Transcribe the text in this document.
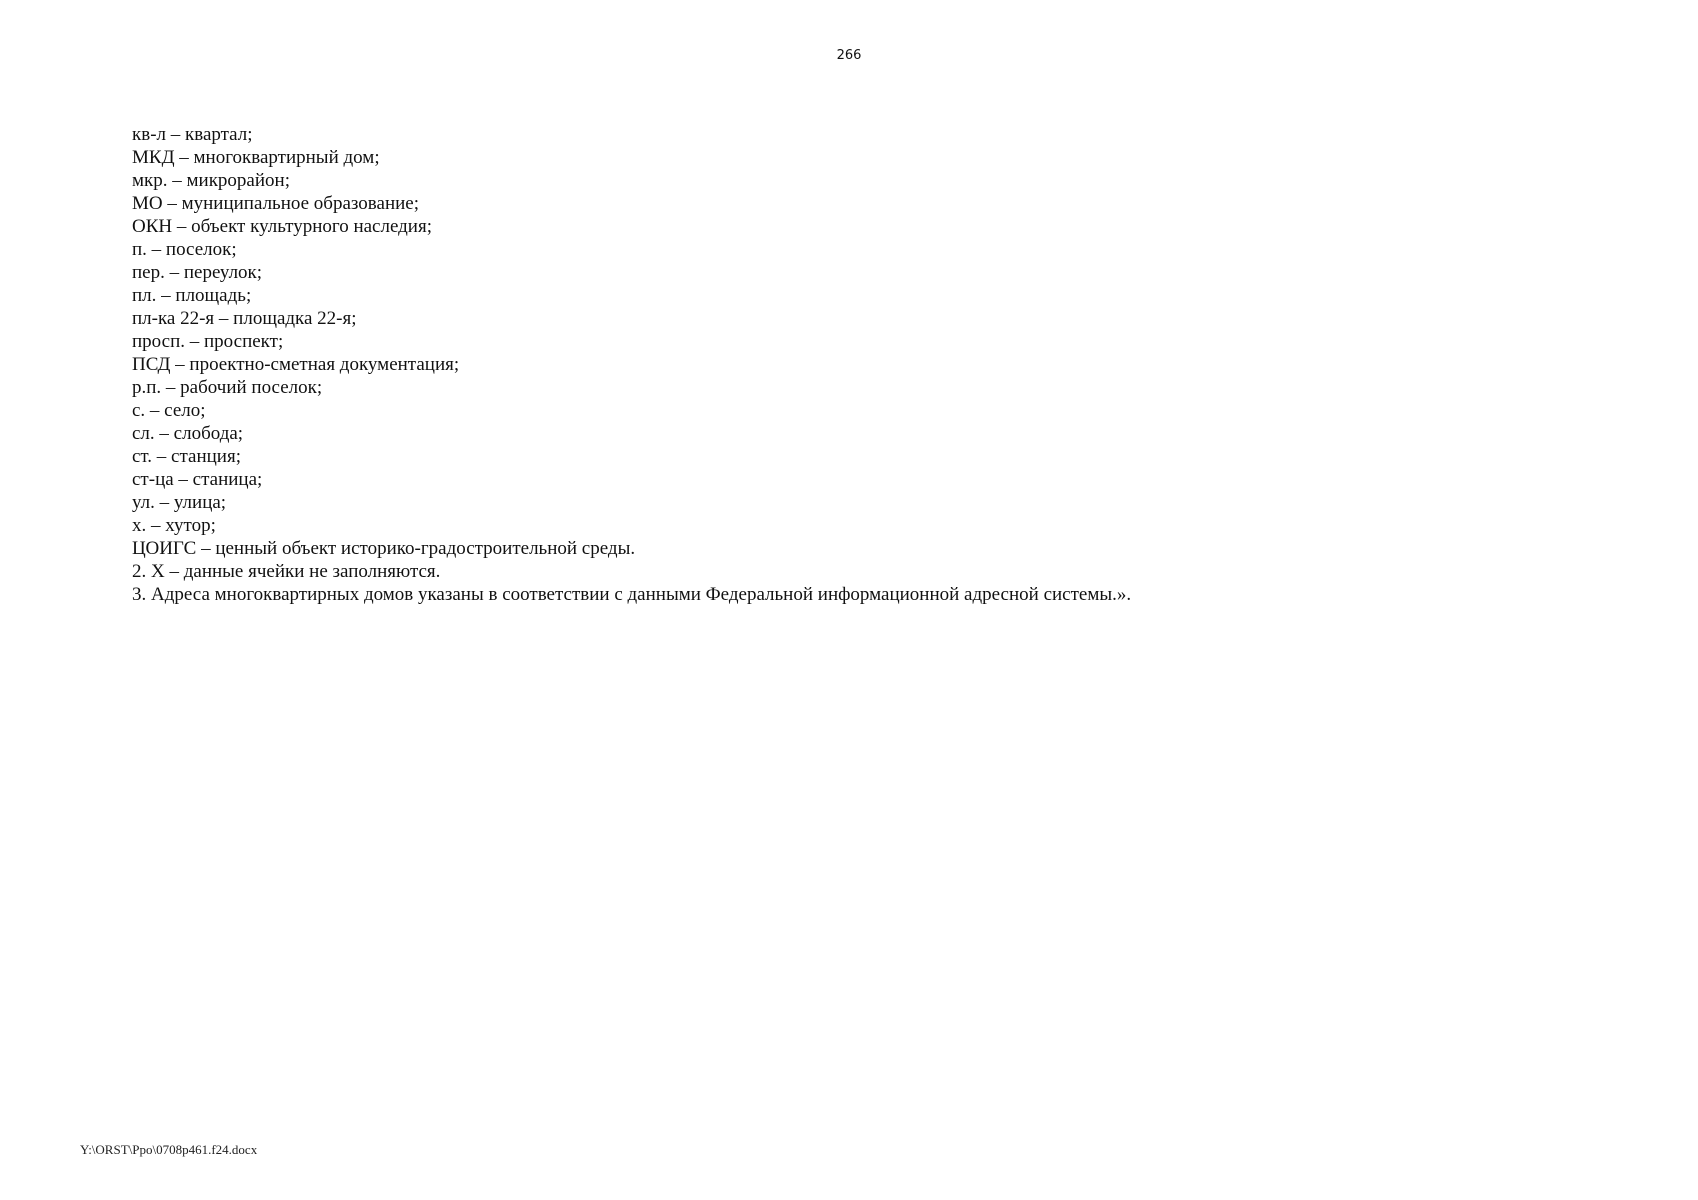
266
кв-л – квартал;
МКД – многоквартирный дом;
мкр. – микрорайон;
МО – муниципальное образование;
ОКН – объект культурного наследия;
п. – поселок;
пер. – переулок;
пл. – площадь;
пл-ка 22-я – площадка 22-я;
просп. – проспект;
ПСД – проектно-сметная документация;
р.п. – рабочий поселок;
с. – село;
сл. – слобода;
ст. – станция;
ст-ца – станица;
ул. – улица;
х. – хутор;
ЦОИГС – ценный объект историко-градостроительной среды.
2. Х – данные ячейки не заполняются.
3. Адреса многоквартирных домов указаны в соответствии с данными Федеральной информационной адресной системы.».
Y:\ORST\Ppo\0708p461.f24.docx
